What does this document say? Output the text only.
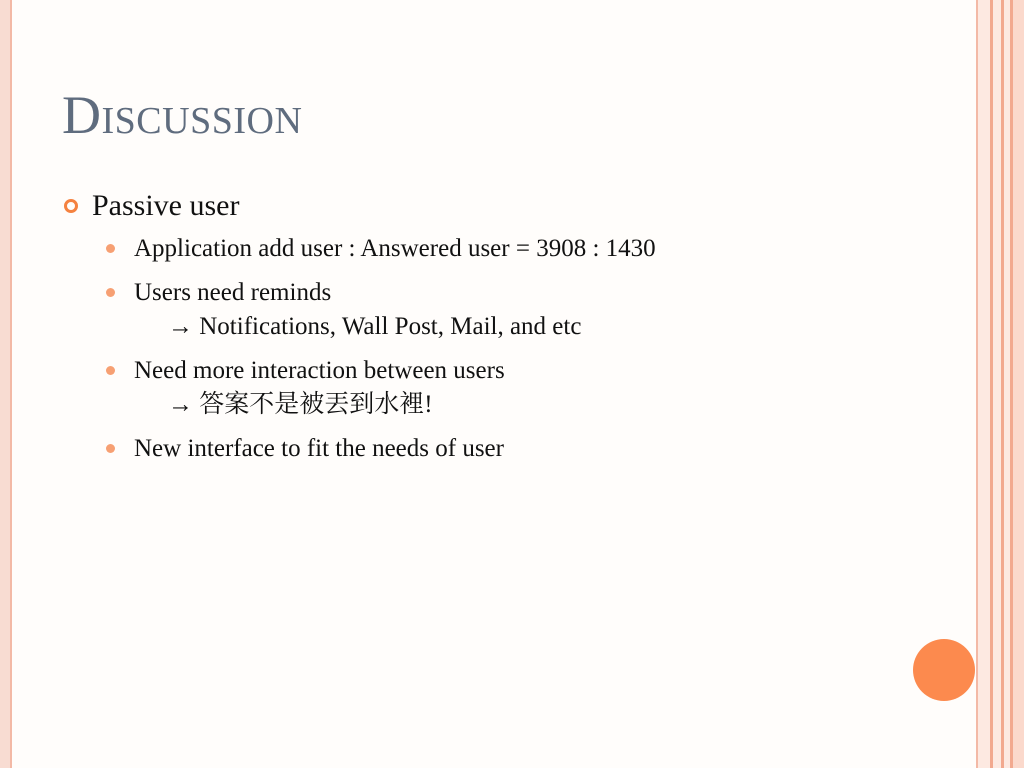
Discussion
Passive user
Application add user : Answered user = 3908 : 1430
Users need reminds
→ Notifications, Wall Post, Mail, and etc
Need more interaction between users
→ 答案不是被丟到水裡!
New interface to fit the needs of user
